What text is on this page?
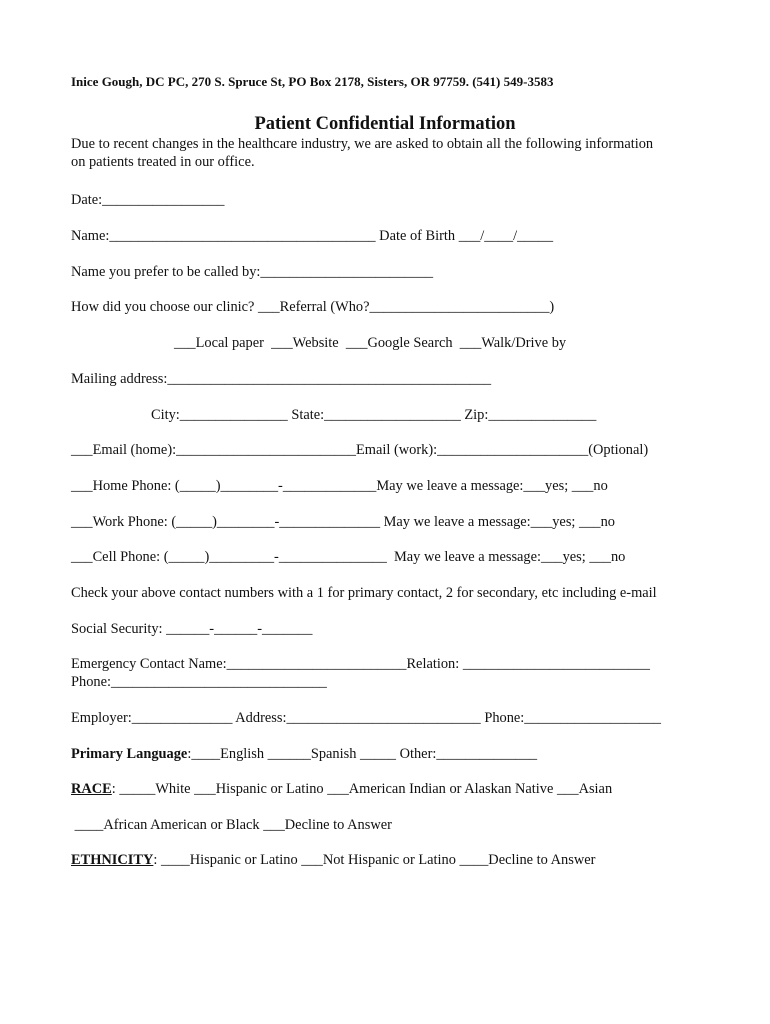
Inice Gough, DC PC, 270 S. Spruce St, PO Box 2178, Sisters, OR 97759. (541) 549-3583

Patient Confidential Information

Due to recent changes in the healthcare industry, we are asked to obtain all the following information

on patients treated in our office.

Date:_________________

Name:_____________________________________ Date of Birth ___/____/_____

Name you prefer to be called by:________________________

How did you choose our clinic? ___Referral (Who?_________________________)

___Local paper  ___Website  ___Google Search  ___Walk/Drive by

Mailing address:_____________________________________________

City:_______________ State:___________________ Zip:_______________

___Email (home):_________________________Email (work):_____________________(Optional)

___Home Phone: (_____)________-_____________May we leave a message:___yes; ___no

___Work Phone: (_____)________-______________ May we leave a message:___yes; ___no

___Cell Phone: (_____)_________-_______________  May we leave a message:___yes; ___no

Check your above contact numbers with a 1 for primary contact, 2 for secondary, etc including e-mail

Social Security: ______-______-_______

Emergency Contact Name:_________________________Relation: __________________________

Phone:______________________________

Employer:______________ Address:___________________________ Phone:___________________

Primary Language:____English ______Spanish _____ Other:______________

RACE: _____White ___Hispanic or Latino ___American Indian or Alaskan Native ___Asian

____African American or Black ___Decline to Answer

ETHNICITY: ____Hispanic or Latino ___Not Hispanic or Latino ____Decline to Answer
